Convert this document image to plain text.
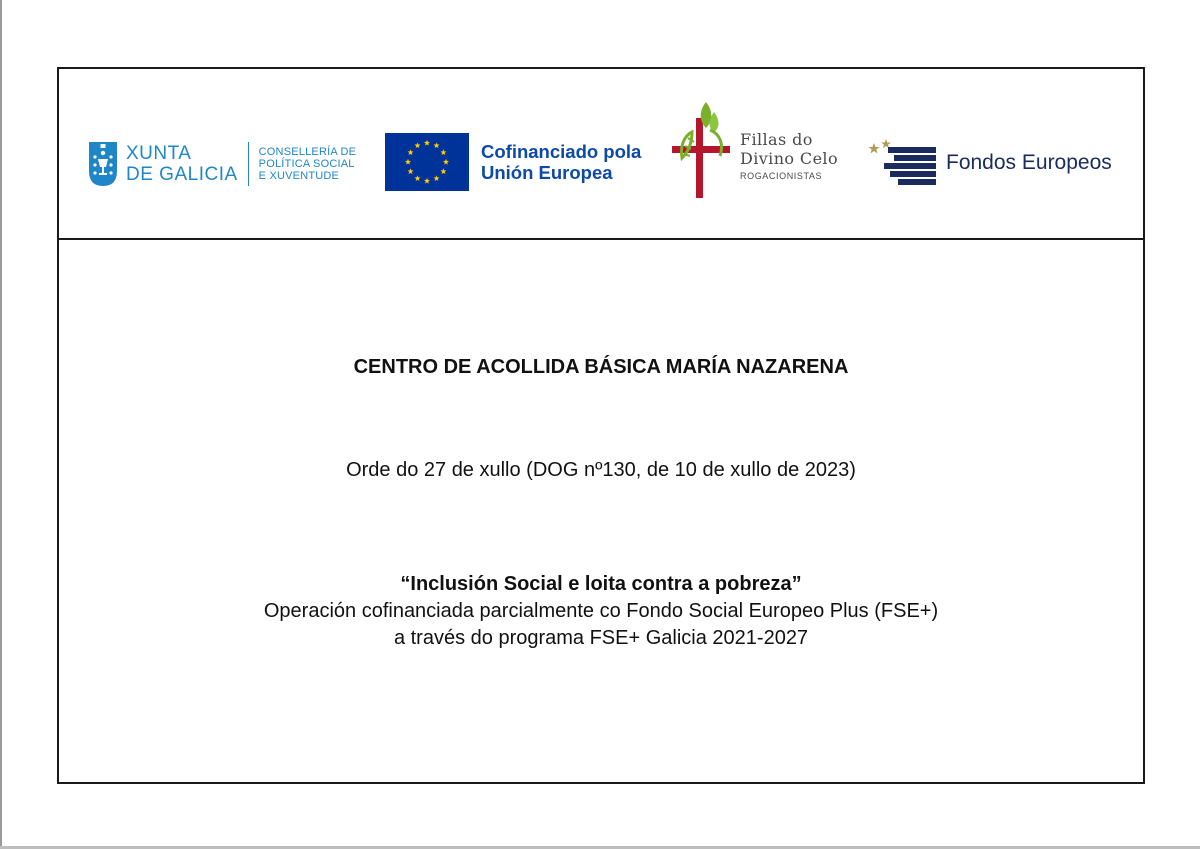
XUNTA
DE GALICIA
CONSELLERÍA DE
POLÍTICA SOCIAL
E XUVENTUDE
Cofinanciado pola
Unión Europea
Fillas do
Divino Celo
ROGACIONISTAS
Fondos Europeos
CENTRO DE ACOLLIDA BÁSICA MARÍA NAZARENA
Orde do 27 de xullo (DOG nº130, de 10 de xullo de 2023)
“Inclusión Social e loita contra a pobreza”
Operación cofinanciada parcialmente co Fondo Social Europeo Plus (FSE+)
a través do programa FSE+ Galicia 2021-2027
